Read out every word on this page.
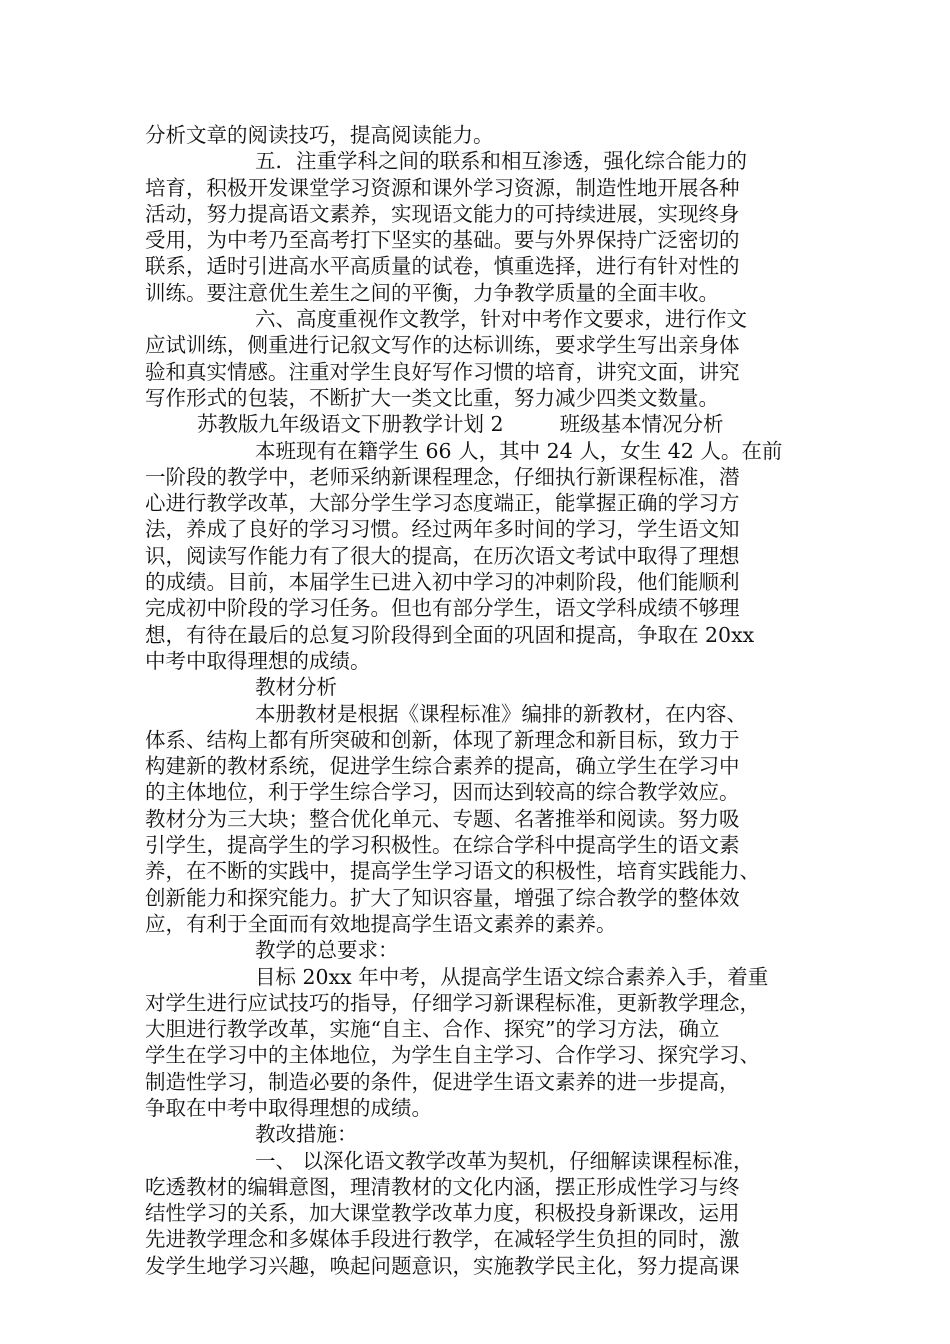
分析文章的阅读技巧，提高阅读能力。
五．注重学科之间的联系和相互渗透，强化综合能力的
培育，积极开发课堂学习资源和课外学习资源，制造性地开展各种
活动，努力提高语文素养，实现语文能力的可持续进展，实现终身
受用，为中考乃至高考打下坚实的基础。要与外界保持广泛密切的
联系，适时引进高水平高质量的试卷，慎重选择，进行有针对性的
训练。要注意优生差生之间的平衡，力争教学质量的全面丰收。
六、高度重视作文教学，针对中考作文要求，进行作文
应试训练，侧重进行记叙文写作的达标训练，要求学生写出亲身体
验和真实情感。注重对学生良好写作习惯的培育，讲究文面，讲究
写作形式的包装，不断扩大一类文比重，努力减少四类文数量。
苏教版九年级语文下册教学计划 2	班级基本情况分析
本班现有在籍学生 66 人，其中 24 人，女生 42 人。在前
一阶段的教学中，老师采纳新课程理念，仔细执行新课程标准，潜
心进行教学改革，大部分学生学习态度端正，能掌握正确的学习方
法，养成了良好的学习习惯。经过两年多时间的学习，学生语文知
识，阅读写作能力有了很大的提高，在历次语文考试中取得了理想
的成绩。目前，本届学生已进入初中学习的冲刺阶段，他们能顺利
完成初中阶段的学习任务。但也有部分学生，语文学科成绩不够理
想，有待在最后的总复习阶段得到全面的巩固和提高，争取在 20xx
中考中取得理想的成绩。
教材分析
本册教材是根据《课程标准》编排的新教材，在内容、
体系、结构上都有所突破和创新，体现了新理念和新目标，致力于
构建新的教材系统，促进学生综合素养的提高，确立学生在学习中
的主体地位，利于学生综合学习，因而达到较高的综合教学效应。
教材分为三大块；整合优化单元、专题、名著推举和阅读。努力吸
引学生，提高学生的学习积极性。在综合学科中提高学生的语文素
养，在不断的实践中，提高学生学习语文的积极性，培育实践能力、
创新能力和探究能力。扩大了知识容量，增强了综合教学的整体效
应，有利于全面而有效地提高学生语文素养的素养。
教学的总要求：
目标 20xx 年中考，从提高学生语文综合素养入手，着重
对学生进行应试技巧的指导，仔细学习新课程标准，更新教学理念，
大胆进行教学改革，实施“自主、合作、探究”的学习方法，确立
学生在学习中的主体地位，为学生自主学习、合作学习、探究学习、
制造性学习，制造必要的条件，促进学生语文素养的进一步提高，
争取在中考中取得理想的成绩。
教改措施：
一、 以深化语文教学改革为契机，仔细解读课程标准，
吃透教材的编辑意图，理清教材的文化内涵，摆正形成性学习与终
结性学习的关系，加大课堂教学改革力度，积极投身新课改，运用
先进教学理念和多媒体手段进行教学，在减轻学生负担的同时，激
发学生地学习兴趣，唤起问题意识，实施教学民主化，努力提高课
